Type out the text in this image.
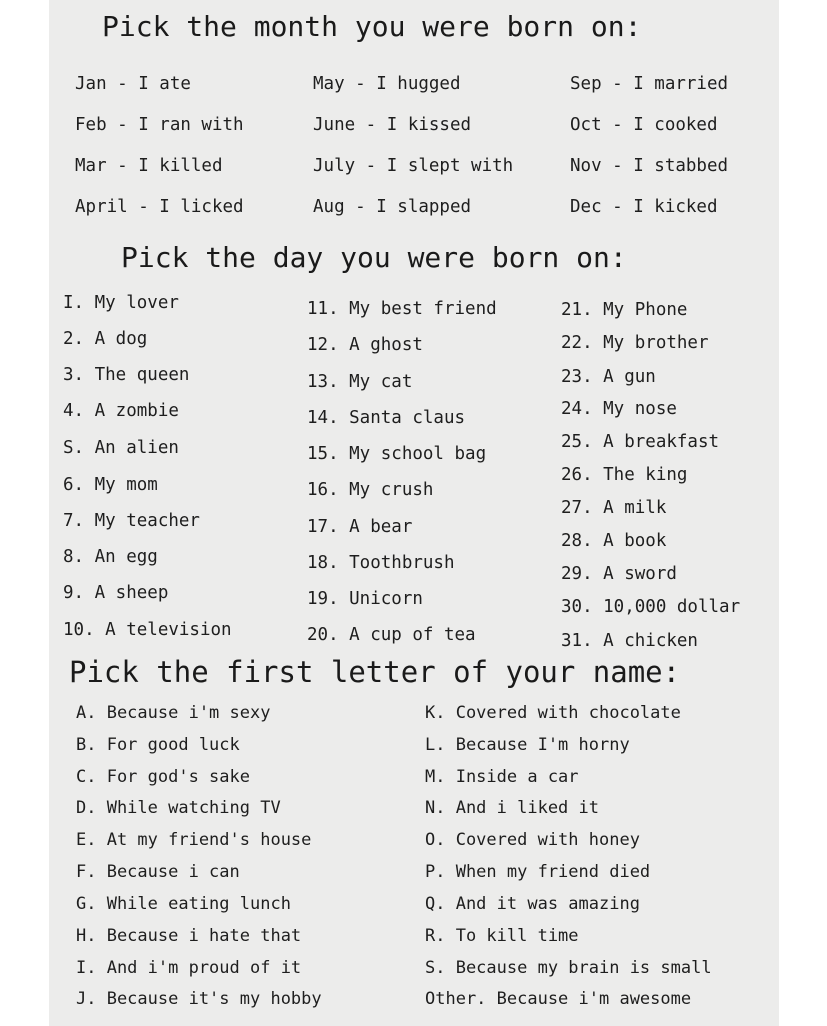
Pick the month you were born on:
Jan - I ate
Feb - I ran with
Mar - I killed
April - I licked
May - I hugged
June - I kissed
July - I slept with
Aug - I slapped
Sep - I married
Oct - I cooked
Nov - I stabbed
Dec - I kicked
Pick the day you were born on:
I. My lover
2. A dog
3. The queen
4. A zombie
S. An alien
6. My mom
7. My teacher
8. An egg
9. A sheep
10. A television
11. My best friend
12. A ghost
13. My cat
14. Santa claus
15. My school bag
16. My crush
17. A bear
18. Toothbrush
19. Unicorn
20. A cup of tea
21. My Phone
22. My brother
23. A gun
24. My nose
25. A breakfast
26. The king
27. A milk
28. A book
29. A sword
30. 10,000 dollar
31. A chicken
Pick the first letter of your name:
A. Because i'm sexy
B. For good luck
C. For god's sake
D. While watching TV
E. At my friend's house
F. Because i can
G. While eating lunch
H. Because i hate that
I. And i'm proud of it
J. Because it's my hobby
K. Covered with chocolate
L. Because I'm horny
M. Inside a car
N. And i liked it
O. Covered with honey
P. When my friend died
Q. And it was amazing
R. To kill time
S. Because my brain is small
Other. Because i'm awesome
